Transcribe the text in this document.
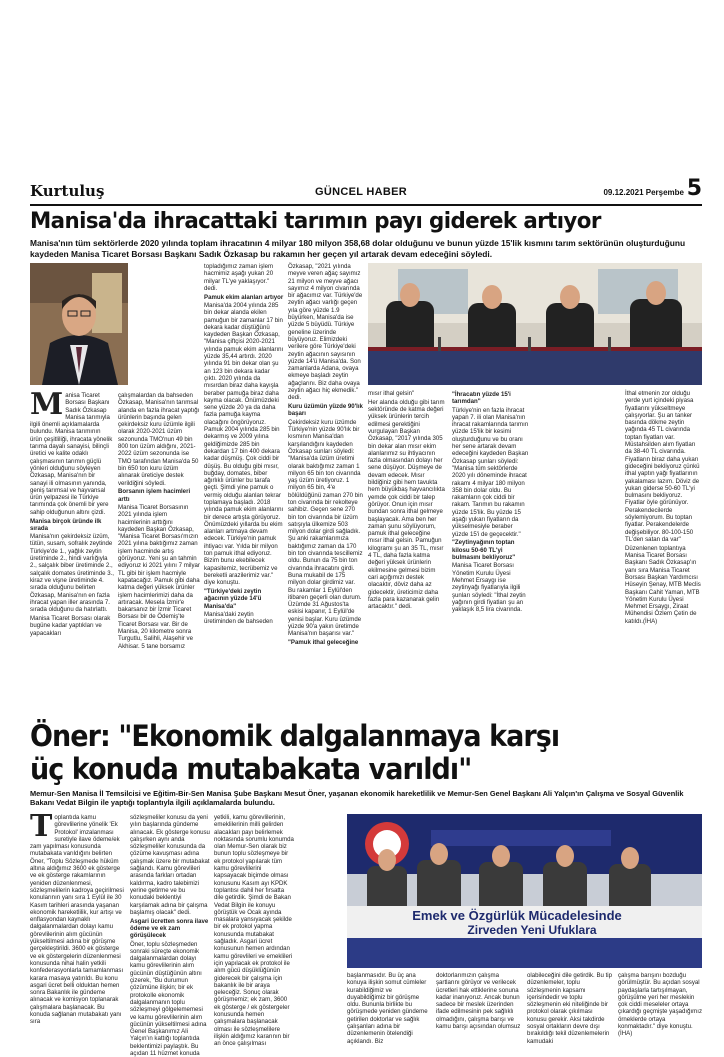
Kurtuluş	GÜNCEL HABER	09.12.2021 Perşembe 5
Manisa'da ihracattaki tarımın payı giderek artıyor
Manisa'nın tüm sektörlerde 2020 yılında toplam ihracatının 4 milyar 180 milyon 358,68 dolar olduğunu ve bunun yüzde 15'lik kısmını tarım sektörünün oluşturduğunu kaydeden Manisa Ticaret Borsası Başkanı Sadık Özkasap bu rakamın her geçen yıl artarak devam edeceğini söyledi.

Manisa Ticaret Borsası Başkanı Sadık Özkasap Manisa tarımıyla ilgili önemli açıklamalarda bulundu. Manisa tarımının ürün çeşitliliği, ihracata yönelik tarıma dayalı sanayisi, bilinçli üretici ve kalite odaklı çalışmasının tarımın güçlü yönleri olduğunu söyleyen Özkasap, Manisa'nın bir sanayi ili olmasının yanında, geniş tarımsal ve hayvansal ürün yelpazesi ile Türkiye tarımında çok önemli bir yere sahip olduğunun altını çizdi.

Manisa birçok üründe ilk sırada

Manisa'nın çekirdeksiz üzüm, tütün, susam, sofralık zeytinde Türkiye'de 1., yağlık zeytin üretiminde 2., hindi varlığıyla 2., salçalık biber üretiminde 2., salçalık domates üretiminde 3., kiraz ve vişne üretiminde 4. sırada olduğunu belirten Özkasap, Manisa'nın en fazla ihracat yapan iller arasında 7. sırada olduğunu da hatırlattı.

Manisa Ticaret Borsası olarak bugüne kadar yaptıkları ve yapacakları

çalışmalardan da bahseden Özkasap, Manisa'nın tarımsal alanda en fazla ihracat yaptığı ürünlerin başında gelen çekirdeksiz kuru üzümle ilgili olarak 2020-2021 üzüm sezonunda TMO'nun 49 bin 800 ton üzüm aldığını, 2021-2022 üzüm sezonunda ise TMO tarafından Manisa'da 50 bin 650 ton kuru üzüm alınarak üreticiye destek verildiğini söyledi.

Borsanın işlem hacimleri arttı

Manisa Ticaret Borsasının 2021 yılında işlem hacimlerinin arttığını kaydeden Başkan Özkasap, "Manisa Ticaret Borsası'mızın 2021 yılına baktığımız zaman işlem hacminde artış görüyoruz. Yeni şu an tahmin ediyoruz ki 2021 yılını 7 milyar TL gibi bir işlem hacmiyle kapatacağız. Pamuk gibi daha katma değeri yüksek ürünler işlem hacimlerimizi daha da artıracak. Mesela İzmir'e bakarsanız bir İzmir Ticaret Borsası bir de Ödemiş'te Ticaret Borsası var. Bir de Manisa, 20 kilometre sonra Turgutlu, Salihli, Alaşehir ve Akhisar. 5 tane borsamız

topladığımız zaman işlem hacmimiz aşağı yukarı 20 milyar TL'ye yaklaşıyor." dedi.

Pamuk ekim alanları artıyor

Manisa'da 2004 yılında 285 bin dekar alanda ekilen pamuğun bir zamanlar 17 bin dekara kadar düştüğünü kaydeden Başkan Özkasap, "Manisa çiftçisi 2020-2021 yılında pamuk ekim alanlarını yüzde 35,44 artırdı. 2020 yılında 91 bin dekar olan şu an 123 bin dekara kadar çıktı. 2020 yılında da mısırdan biraz daha kayışla beraber pamuğa biraz daha kayma olacak. Önümüzdeki sene yüzde 20 ya da daha fazla pamuğa kayma olacağını öngörüyoruz. Pamuk 2004 yılında 285 bin dekarmış ve 2009 yılına geldiğimizde 285 bin dekardan 17 bin 400 dekara kadar düşmüş. Çok ciddi bir düşüş. Bu olduğu gibi mısır, buğday, domates, biber ağırlıklı ürünler bu tarafa geçti. Şimdi yine pamuk o vermiş olduğu alanları tekrar toplamaya başladı. 2018 yılında pamuk ekim alanlarını bir derece artışta görüyoruz. Önümüzdeki yıllarda bu ekim alanları artmaya devam edecek. Türkiye'nin pamuk ihtiyacı var. Yılda bir milyon ton pamuk ithal ediyoruz. Bizim bunu ekebilecek kapasitemiz, tecrübemiz ve bereketli arazilerimiz var." diye konuştu.

"Türkiye'deki zeytin ağacının yüzde 14'ü Manisa'da"

Manisa'daki zeytin üretiminden de bahseden

Özkasap, "2021 yılında meyve veren ağaç sayımız 21 milyon ve meyve ağacı sayımız 4 milyon civarında bir ağacımız var. Türkiye'de zeytin ağacı varlığı geçen yıla göre yüzde 1.9 büyürken, Manisa'da ise yüzde 5 büyüdü. Türkiye geneline üzerinde büyüyoruz. Elimizdeki verilere göre Türkiye'deki zeytin ağacının sayısının yüzde 14'ü Manisa'da. Son zamanlarda Adana, ovaya ekmeye başladı zeytin ağaçlarını. Biz daha ovaya zeytin ağacı hiç ekmedik." dedi.

Kuru üzümün yüzde 90'lık başarı

Çekirdeksiz kuru üzümde Türkiye'nin yüzde 90'lık bir kısmının Manisa'dan karşılandığını kaydeden Özkasap sunları söyledi: "Manisa'da üzüm üretimi olarak baktığımız zaman 1 milyon 65 bin ton civarında yaş üzüm üretiyoruz. 1 milyon 65 bin, 4'e bölüldüğünü zaman 270 bin ton civarında bir rekolteye sahibiz. Geçen sene 270 bin ton civarında bir üzüm satışıyla ülkemize 503 milyon dolar girdi sağladık. Şu anki rakamlarımıza baktığımız zaman da 170 bin ton civarında tescillemiz oldu. Bunun da 75 bin ton civarında ihracatını girdi. Buna mukabil de 175 milyon dolar girdimiz var. Bu rakamlar 1 Eylül'den itibaren geçerli olan durum. Üzümde 31 Ağustos'ta eskisi kapanır, 1 Eylül'de yenisi başlar. Kuru üzümde yüzde 90'a yakın üretimde Manisa'nın başarısı var."

"Pamuk ithal geleceğine

mısır ithal gelsin"

Her alanda olduğu gibi tarım sektöründe de katma değeri yüksek ürünlerin tercih edilmesi gerektiğini vurgulayan Başkan Özkasap, "2017 yılında 305 bin dekar alan mısır ekim alanlarımız su ihtiyacının fazla olmasından dolayı her sene düşüyor. Düşmeye de devam edecek. Mısır bildiğiniz gibi hem tavukta hem büyükbaş hayvancılıkta yemde çok ciddi bir talep görüyor. Onun için mısır bundan sonra ithal gelmeye başlayacak. Ama ben her zaman şunu söylüyorum, pamuk ithal geleceğine mısır ithal gelsin. Pamuğun kilogramı şu an 35 TL, mısır 4 TL, daha fazla katma değeri yüksek ürünlerin ekilmesine gelmesi bizim cari açığımızı destek olacaktır, döviz daha az gidecektir, üreticimiz daha fazla para kazanarak gelirı artacaktır." dedi.

"İhracatın yüzde 15'i tarımdan"

Türkiye'nin en fazla ihracat yapan 7. ili olan Manisa'nın ihracat rakamlarında tarımın yüzde 15'lik bir kesimi oluşturduğunu ve bu oranı her sene artarak devam edeceğini kaydeden Başkan Özkasap şunları söyledi: "Manisa tüm sektörlerde 2020 yılı döneminde ihracat rakamı 4 milyar 180 milyon 358 bin dolar oldu. Bu rakamların çok ciddi bir rakam. Tarımın bu rakamın yüzde 15'lik. Bu yüzde 15 aşağı yukarı fiyatların da yükselmesiyle beraber yüzde 15'i de geçecektir."

"Zeytinyağının toptan kilosu 50-60 TL'yi bulmasını bekliyoruz"

Manisa Ticaret Borsası Yönetim Kurulu Üyesi Mehmet Ersaygı ise zeytinyağı fiyatlarıyla ilgili şunları söyledi: "İthal zeytin yağının girdi fiyatları şu an yaklaşık 8,5 lira civarında.

İthal etmenin zor olduğu yerde yurt içindeki piyasa fiyatlarını yükseltmeye çalışıyorlar. Şu an tanker basında dökme zeytin yağında 45 TL civarında toptan fiyatları var. Müstahsilden alım fiyatları da 38-40 TL civarında. Fiyatların biraz daha yukarı gideceğini bekliyoruz çünkü ithal yaptın yağı fiyatlarının yakalaması lazım. Döviz de yukarı giderse 50-60 TL'yi bulmasını bekliyoruz. Fiyatlar öyle görünüyor. Perakendecilerde söylemiyorum. Bu toptan fiyatlar. Perakendelerde değişebiliyor. 80-100-150 TL'den satan da var"

Düzenlenen toplantıya Manisa Ticaret Borsası Başkanı Sadık Özkasap'ın yanı sıra Manisa Ticaret Borsası Başkan Yardımcısı Hüseyin Şenay, MTB Meclis Başkanı Cahit Yaman, MTB Yönetim Kurulu Üyesi Mehmet Ersaygı, Ziraat Mühendisi Özlem Çetin de katıldı.(İHA)

Öner: "Ekonomik dalgalanmaya karşı
üç konuda mutabakata varıldı"
Memur-Sen Manisa İl Temsilcisi ve Eğitim-Bir-Sen Manisa Şube Başkanı Mesut Öner, yaşanan ekonomik hareketlilik ve Memur-Sen Genel Başkanı Ali Yalçın'ın Çalışma ve Sosyal Güvenlik Bakanı Vedat Bilgin ile yaptığı toplantıyla ilgili açıklamalarda bulundu.

Toplantıda kamu görevlilerine yönelik 'Ek Protokol' imzalanması suretiyle ilave ödeme/ek zam yapılması konusunda mutabakata varıldığını belirten Öner, "Toplu Sözleşmede hüküm altına aldığımız 3600 ek gösterge ve ek gösterge rakamlarının yeniden düzenlenmesi, sözleşmelilerin kadroya geçirilmesi konularının yanı sıra 1 Eylül ile 30 Kasım tarihleri arasında yaşanan ekonomik hareketlilik, kur artışı ve enflasyondan kaynaklı dalgalanmalardan dolayı kamu görevlilerinin alım gücünün yükseltilmesi adına bir görüşme gerçekleştirildi. 3600 ek gösterge ve ek göstergelerin düzenlenmesi konusunda nihai halin yetkili konfederasyonlarla tamamlanması karara masaya yatırıldı. Bu konu asgari ücret belli olduktan hemen sonra Bakanlık ile gündeme alınacak ve komisyon toplanarak çalışmalara başlanacak. Bu konuda sağlanan mutabakatı yanı sıra

sözleşmeliler konusu da yeni yılın başlarında gündeme alınacak. Ek gösterge konusu çalışırken aynı anda sözleşmeliler konusunda da çözüme kavuşması adına çalışmak üzere bir mutabakat sağlandı. Kamu görevlileri arasında farkları ortadan kaldırma, kadro talebimizi yerine getirme ve bu konudaki beklentiyi karşılamak adına bir çalışma başlamış olacak" dedi.

Asgari ücretten sonra ilave ödeme ve ek zam görüşülecek

Öner, toplu sözleşmeden sonraki süreçte ekonomik dalgalanmalardan dolayı kamu görevlilerinin alım gücünün düştüğünün altını çizerek, "Bu durumun çözümüne ilişkin; bir ek protokolle ekonomik dalgalanmanın toplu sözleşmeyi gölgelememesi ve kamu görevlilerinin alım gücünün yükseltilmesi adına Genel Başkanımız Ali Yalçın'ın kattığı toplantıda beklentimizi paylaştık. Bu açıdan 11 hüzmet konuda

yetkili, kamu görevlilerinin, emeklilerinin milli gelirden alacakları payı belirlemek noktasında sorumlu konumda olan Memur-Sen olarak biz bunun toplu sözleşmeye bir ek protokol yapılarak tüm kamu görevlilerini kapsayacak biçimde olması konusunu Kasım ayı KPDK toplantısı dahil her fırsatta dile getirdik. Şimdi de Bakan Vedat Bilgin ile konuyu görüştük ve Ocak ayında masalara yansıyacak şekilde bir ek protokol yapma konusunda mutabakat sağladık. Asgari ücret konusunun hemen ardından kamu görevlileri ve emeklileri için yapılacak ek protokol ile alım gücü düşüklüğünün giderecek bir çalışma için bakanlık ile bir araya geleceğiz. Sonuç olarak görüşmemiz; ek zam, 3600 ek gösterge / ek göstergeler konusunda hemen çalışmalara başlanacak olması ile sözleşmelilere ilişkin aldığımız kararının bir an önce çalışılması

Emek ve Özgürlük Mücadelesinde
Zirveden Yeni Ufuklara

başlanmasıdır. Bu üç ana konuya ilişkin somut cümleler kurabildiğimiz ve duyabildiğimiz bir görüşme oldu. Bununla birlikte bu görüşmede yeniden gündeme getirilen doktorlar ve sağlık çalışanları adına bir düzenlemenin ötelendiği açıklandı. Biz

doktorlarımızın çalışma şartlarını görüyor ve verilecek ücretleri hak ettiklerine sonuna kadar inanıyoruz. Ancak bunun sadece bir meslek üzerinden ifade edilmesinin pek sağlıklı olmadığını, çalışma barışı ve kamu barışı açısından olumsuz

olabileceğini dile getirdik. Bu tip düzenlemeler, toplu sözleşmenin kapsamı içerisindedir ve toplu sözleşmenin eki niteliğinde bir protokol olarak çıkılması konusu gerekir. Aksi takdirde sosyal ortakların devre dışı bırakıldığı tekil düzenlemelerin kamudaki

çalışma barışını bozduğu görülmüştür. Bu açıdan sosyal paydaşlarla tartışılmayan, görüşülme yeri her meslekin çok ciddi meseleler ortaya çıkardığı geçmişte yaşadığımız örneklerde ortaya konmaktadır." diye konuştu. (İHA)
